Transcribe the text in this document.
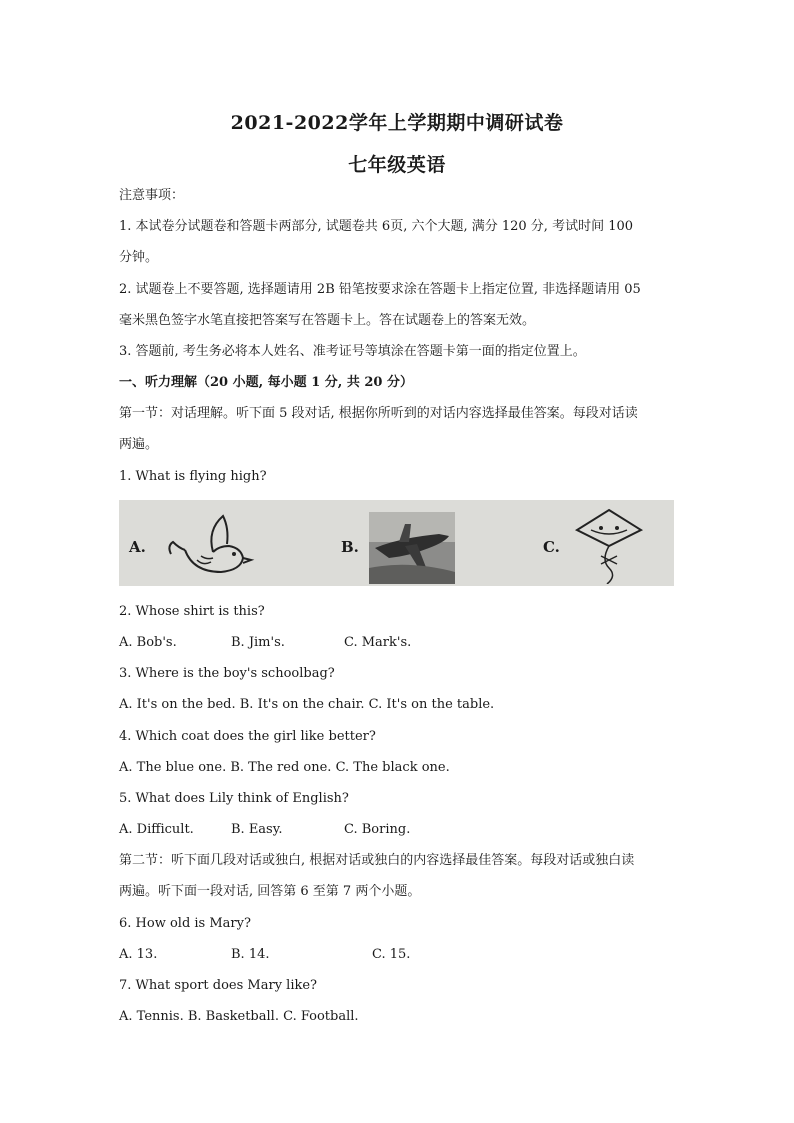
2021-2022学年上学期期中调研试卷
七年级英语
注意事项：
1. 本试卷分试题卷和答题卡两部分, 试题卷共 6页, 六个大题, 满分 120 分, 考试时间 100
分钟。
2. 试题卷上不要答题, 选择题请用 2B 铅笔按要求涂在答题卡上指定位置, 非选择题请用 05
毫米黑色签字水笔直接把答案写在答题卡上。答在试题卷上的答案无效。
3. 答题前, 考生务必将本人姓名、准考证号等填涂在答题卡第一面的指定位置上。
一、听力理解（20 小题, 每小题 1 分, 共 20 分）
第一节：对话理解。听下面 5 段对话, 根据你所听到的对话内容选择最佳答案。每段对话读
两遍。
1. What is flying high?
A.	B.	C.
2. Whose shirt is this?
A. Bob's.	B. Jim's.	C. Mark's.
3. Where is the boy's schoolbag?
A. It's on the bed. B. It's on the chair. C. It's on the table.
4. Which coat does the girl like better?
A. The blue one. B. The red one. C. The black one.
5. What does Lily think of English?
A. Difficult.	B. Easy.	C. Boring.
第二节：听下面几段对话或独白, 根据对话或独白的内容选择最佳答案。每段对话或独白读
两遍。听下面一段对话, 回答第 6 至第 7 两个小题。
6. How old is Mary?
A. 13.	B. 14.	C. 15.
7. What sport does Mary like?
A. Tennis. B. Basketball. C. Football.
